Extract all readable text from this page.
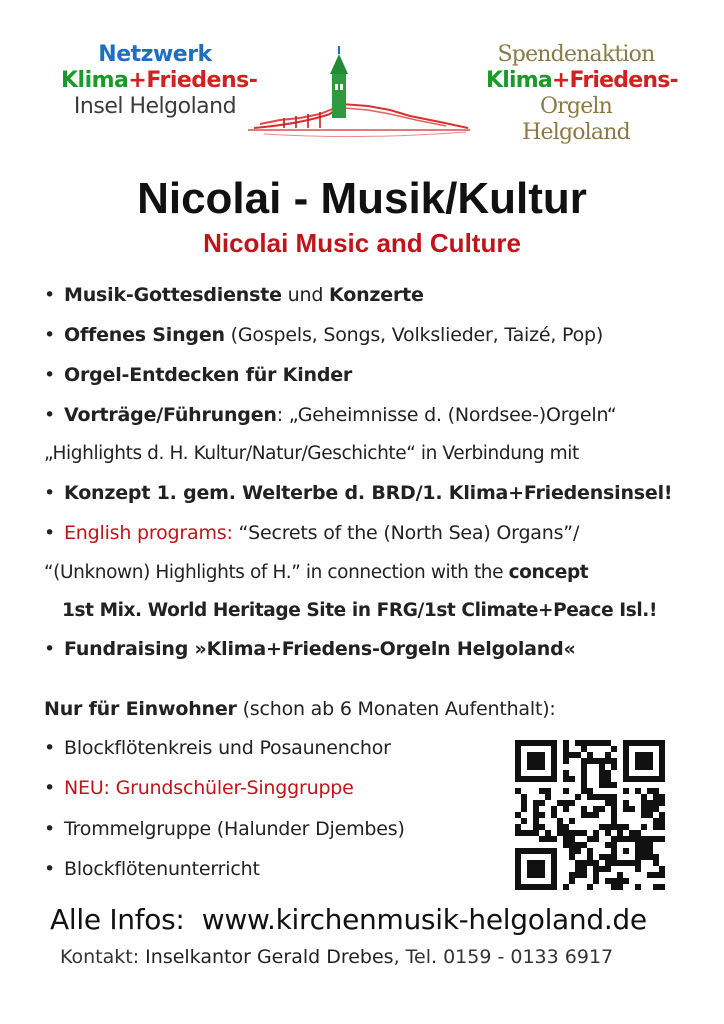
Netzwerk
Klima+Friedens-
Insel Helgoland
Spendenaktion
Klima+Friedens-
Orgeln Helgoland
Nicolai - Musik/Kultur
Nicolai Music and Culture
• Musik-Gottesdienste und Konzerte
• Offenes Singen (Gospels, Songs, Volkslieder, Taizé, Pop)
• Orgel-Entdecken für Kinder
• Vorträge/Führungen: „Geheimnisse d. (Nordsee-)Orgeln“
„Highlights d. H. Kultur/Natur/Geschichte“ in Verbindung mit
• Konzept 1. gem. Welterbe d. BRD/1. Klima+Friedensinsel!
• English programs: “Secrets of the (North Sea) Organs”/
“(Unknown) Highlights of H.” in connection with the concept
1st Mix. World Heritage Site in FRG/1st Climate+Peace Isl.!
• Fundraising »Klima+Friedens-Orgeln Helgoland«
Nur für Einwohner (schon ab 6 Monaten Aufenthalt):
• Blockflötenkreis und Posaunenchor
• NEU: Grundschüler-Singgruppe
• Trommelgruppe (Halunder Djembes)
• Blockflötenunterricht
Alle Infos: www.kirchenmusik-helgoland.de
Kontakt: Inselkantor Gerald Drebes, Tel. 0159 - 0133 6917
